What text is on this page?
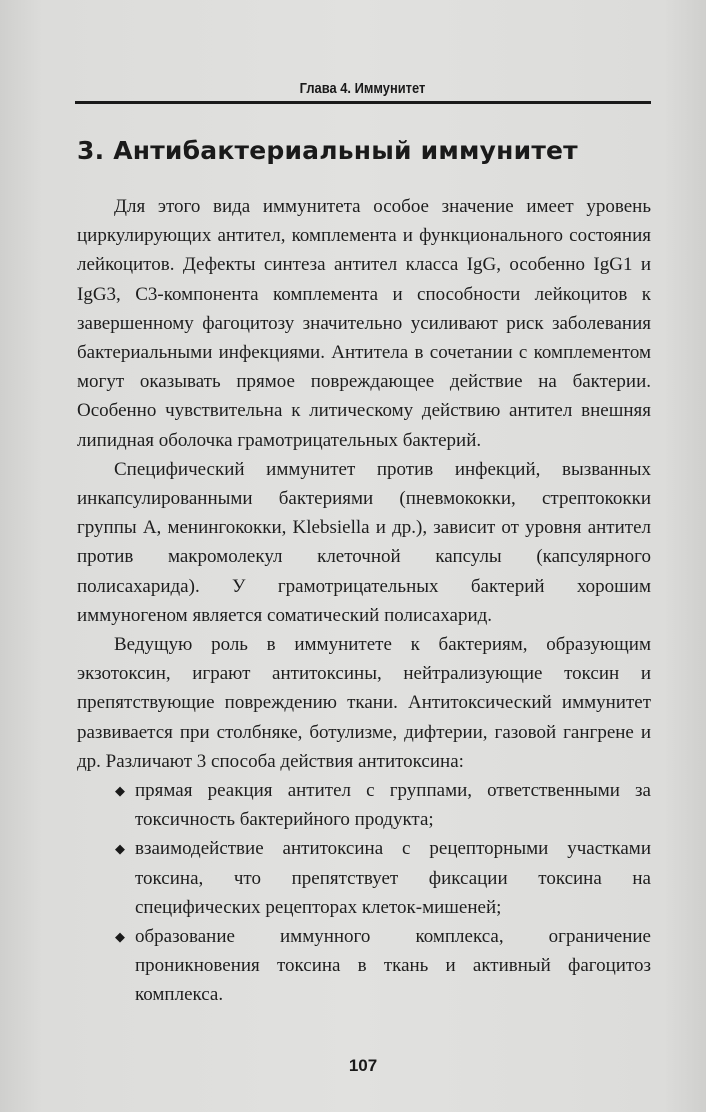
Глава 4. Иммунитет
3. Антибактериальный иммунитет

Для этого вида иммунитета особое значение имеет уровень циркулирующих антител, комплемента и функционального состояния лейкоцитов. Дефекты синтеза антител класса IgG, особенно IgG1 и IgG3, С3-компонента комплемента и способности лейкоцитов к завершенному фагоцитозу значительно усиливают риск заболевания бактериальными инфекциями. Антитела в сочетании с комплементом могут оказывать прямое повреждающее действие на бактерии. Особенно чувствительна к литическому действию антител внешняя липидная оболочка грамотрицательных бактерий.

Специфический иммунитет против инфекций, вызванных инкапсулированными бактериями (пневмококки, стрептококки группы А, менингококки, Klebsiella и др.), зависит от уровня антител против макромолекул клеточной капсулы (капсулярного полисахарида). У грамотрицательных бактерий хорошим иммуногеном является соматический полисахарид.

Ведущую роль в иммунитете к бактериям, образующим экзотоксин, играют антитоксины, нейтрализующие токсин и препятствующие повреждению ткани. Антитоксический иммунитет развивается при столбняке, ботулизме, дифтерии, газовой гангрене и др. Различают 3 способа действия антитоксина:

◆ прямая реакция антител с группами, ответственными за токсичность бактерийного продукта;
◆ взаимодействие антитоксина с рецепторными участками токсина, что препятствует фиксации токсина на специфических рецепторах клеток-мишеней;
◆ образование иммунного комплекса, ограничение проникновения токсина в ткань и активный фагоцитоз комплекса.
107
